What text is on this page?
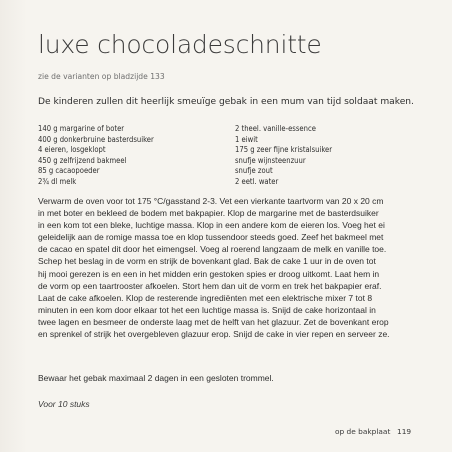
luxe chocoladeschnitte
zie de varianten op bladzijde 133
De kinderen zullen dit heerlijk smeuïge gebak in een mum van tijd soldaat maken.
140 g margarine of boter
400 g donkerbruine basterdsuiker
4 eieren, losgeklopt
450 g zelfrijzend bakmeel
85 g cacaopoeder
2¾ dl melk
2 theel. vanille-essence
1 eiwit
175 g zeer fijne kristalsuiker
snufje wijnsteenzuur
snufje zout
2 eetl. water

Verwarm de oven voor tot 175 °C/gasstand 2-3. Vet een vierkante taartvorm van 20 x 20 cm
in met boter en bekleed de bodem met bakpapier. Klop de margarine met de basterdsuiker
in een kom tot een bleke, luchtige massa. Klop in een andere kom de eieren los. Voeg het ei
geleidelijk aan de romige massa toe en klop tussendoor steeds goed. Zeef het bakmeel met
de cacao en spatel dit door het eimengsel. Voeg al roerend langzaam de melk en vanille toe.
Schep het beslag in de vorm en strijk de bovenkant glad. Bak de cake 1 uur in de oven tot
hij mooi gerezen is en een in het midden erin gestoken spies er droog uitkomt. Laat hem in
de vorm op een taartrooster afkoelen. Stort hem dan uit de vorm en trek het bakpapier eraf.
Laat de cake afkoelen. Klop de resterende ingrediënten met een elektrische mixer 7 tot 8
minuten in een kom door elkaar tot het een luchtige massa is. Snijd de cake horizontaal in
twee lagen en besmeer de onderste laag met de helft van het glazuur. Zet de bovenkant erop
en sprenkel of strijk het overgebleven glazuur erop. Snijd de cake in vier repen en serveer ze.

Bewaar het gebak maximaal 2 dagen in een gesloten trommel.
Voor 10 stuks
op de bakplaat 119
